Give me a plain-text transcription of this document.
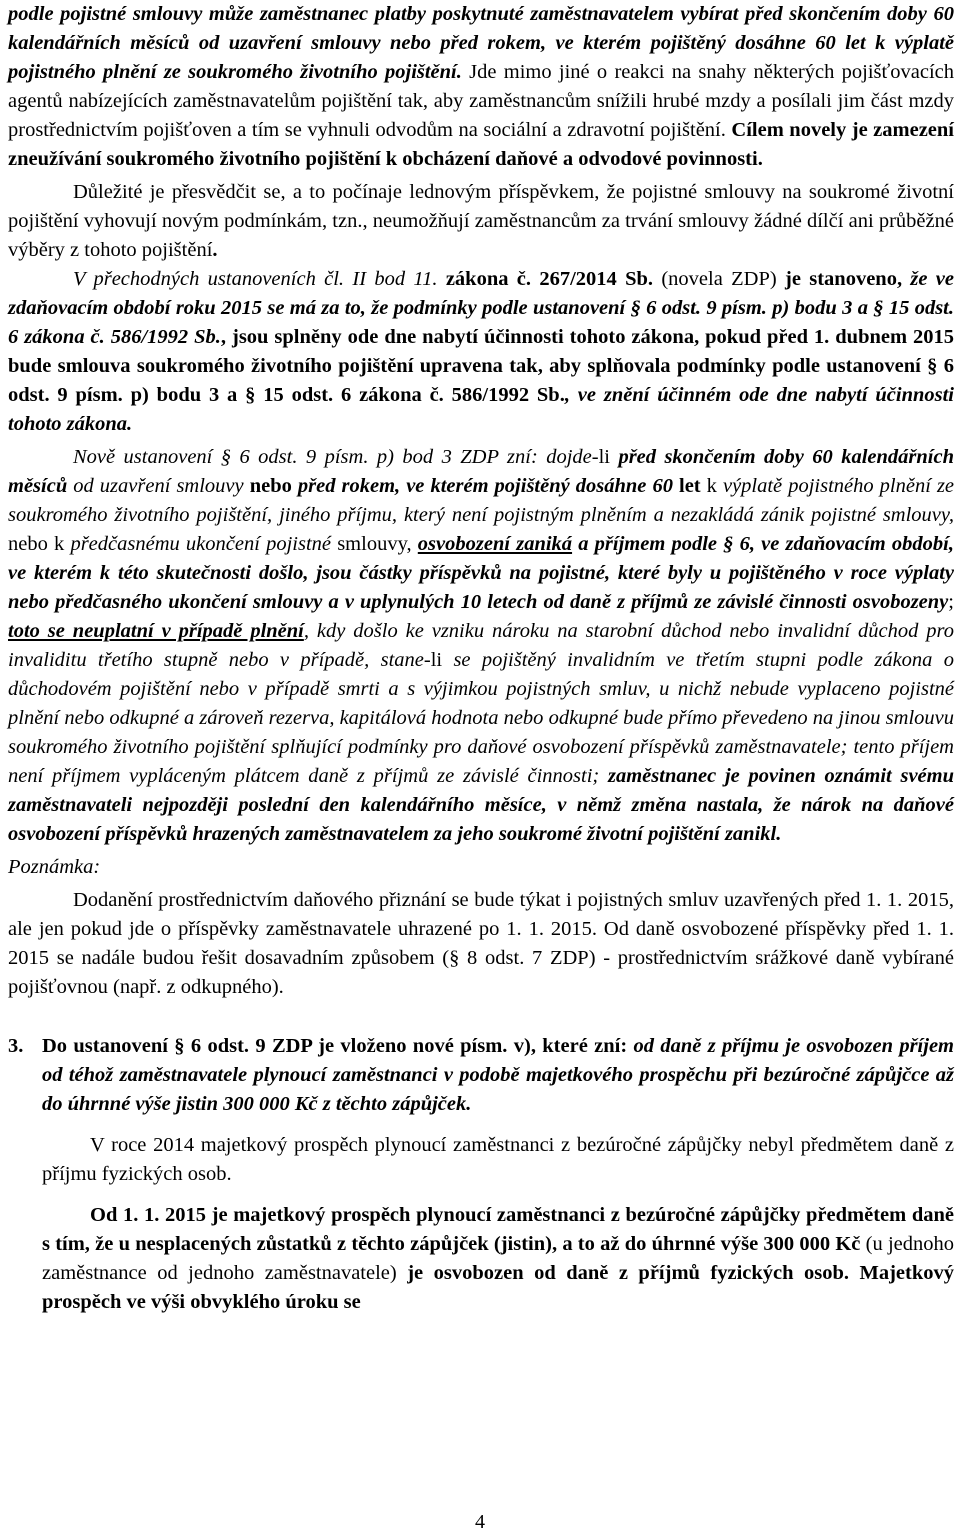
podle pojistné smlouvy může zaměstnanec platby poskytnuté zaměstnavatelem vybírat před skončením doby 60 kalendářních měsíců od uzavření smlouvy nebo před rokem, ve kterém pojištěný dosáhne 60 let k výplatě pojistného plnění ze soukromého životního pojištění. Jde mimo jiné o reakci na snahy některých pojišťovacích agentů nabízejících zaměstnavatelům pojištění tak, aby zaměstnancům snížili hrubé mzdy a posílali jim část mzdy prostřednictvím pojišťoven a tím se vyhnuli odvodům na sociální a zdravotní pojištění. Cílem novely je zamezení zneužívání soukromého životního pojištění k obcházení daňové a odvodové povinnosti.

Důležité je přesvědčit se, a to počínaje lednovým příspěvkem, že pojistné smlouvy na soukromé životní pojištění vyhovují novým podmínkám, tzn., neumožňují zaměstnancům za trvání smlouvy žádné dílčí ani průběžné výběry z tohoto pojištění.

V přechodných ustanoveních čl. II bod 11. zákona č. 267/2014 Sb. (novela ZDP) je stanoveno, že ve zdaňovacím období roku 2015 se má za to, že podmínky podle ustanovení § 6 odst. 9 písm. p) bodu 3 a § 15 odst. 6 zákona č. 586/1992 Sb., jsou splněny ode dne nabytí účinnosti tohoto zákona, pokud před 1. dubnem 2015 bude smlouva soukromého životního pojištění upravena tak, aby splňovala podmínky podle ustanovení § 6 odst. 9 písm. p) bodu 3 a § 15 odst. 6 zákona č. 586/1992 Sb., ve znění účinném ode dne nabytí účinnosti tohoto zákona.

Nově ustanovení § 6 odst. 9 písm. p) bod 3 ZDP zní: dojde-li před skončením doby 60 kalendářních měsíců od uzavření smlouvy nebo před rokem, ve kterém pojištěný dosáhne 60 let k výplatě pojistného plnění ze soukromého životního pojištění, jiného příjmu, který není pojistným plněním a nezakládá zánik pojistné smlouvy, nebo k předčasnému ukončení pojistné smlouvy, osvobození zaniká a příjmem podle § 6, ve zdaňovacím období, ve kterém k této skutečnosti došlo, jsou částky příspěvků na pojistné, které byly u pojištěného v roce výplaty nebo předčasného ukončení smlouvy a v uplynulých 10 letech od daně z příjmů ze závislé činnosti osvobozeny; toto se neuplatní v případě plnění, kdy došlo ke vzniku nároku na starobní důchod nebo invalidní důchod pro invaliditu třetího stupně nebo v případě, stane-li se pojištěný invalidním ve třetím stupni podle zákona o důchodovém pojištění nebo v případě smrti a s výjimkou pojistných smluv, u nichž nebude vyplaceno pojistné plnění nebo odkupné a zároveň rezerva, kapitálová hodnota nebo odkupné bude přímo převedeno na jinou smlouvu soukromého životního pojištění splňující podmínky pro daňové osvobození příspěvků zaměstnavatele; tento příjem není příjmem vypláceným plátcem daně z příjmů ze závislé činnosti; zaměstnanec je povinen oznámit svému zaměstnavateli nejpozději poslední den kalendářního měsíce, v němž změna nastala, že nárok na daňové osvobození příspěvků hrazených zaměstnavatelem za jeho soukromé životní pojištění zanikl.

Poznámka:

Dodanění prostřednictvím daňového přiznání se bude týkat i pojistných smluv uzavřených před 1. 1. 2015, ale jen pokud jde o příspěvky zaměstnavatele uhrazené po 1. 1. 2015. Od daně osvobozené příspěvky před 1. 1. 2015 se nadále budou řešit dosavadním způsobem (§ 8 odst. 7 ZDP) - prostřednictvím srážkové daně vybírané pojišťovnou (např. z odkupného).

3. Do ustanovení § 6 odst. 9 ZDP je vloženo nové písm. v), které zní: od daně z příjmu je osvobozen příjem od téhož zaměstnavatele plynoucí zaměstnanci v podobě majetkového prospěchu při bezúročné zápůjčce až do úhrnné výše jistin 300 000 Kč z těchto zápůjček.

V roce 2014 majetkový prospěch plynoucí zaměstnanci z bezúročné zápůjčky nebyl předmětem daně z příjmu fyzických osob.

Od 1. 1. 2015 je majetkový prospěch plynoucí zaměstnanci z bezúročné zápůjčky předmětem daně s tím, že u nesplacených zůstatků z těchto zápůjček (jistin), a to až do úhrnné výše 300 000 Kč (u jednoho zaměstnance od jednoho zaměstnavatele) je osvobozen od daně z příjmů fyzických osob. Majetkový prospěch ve výši obvyklého úroku se

4
